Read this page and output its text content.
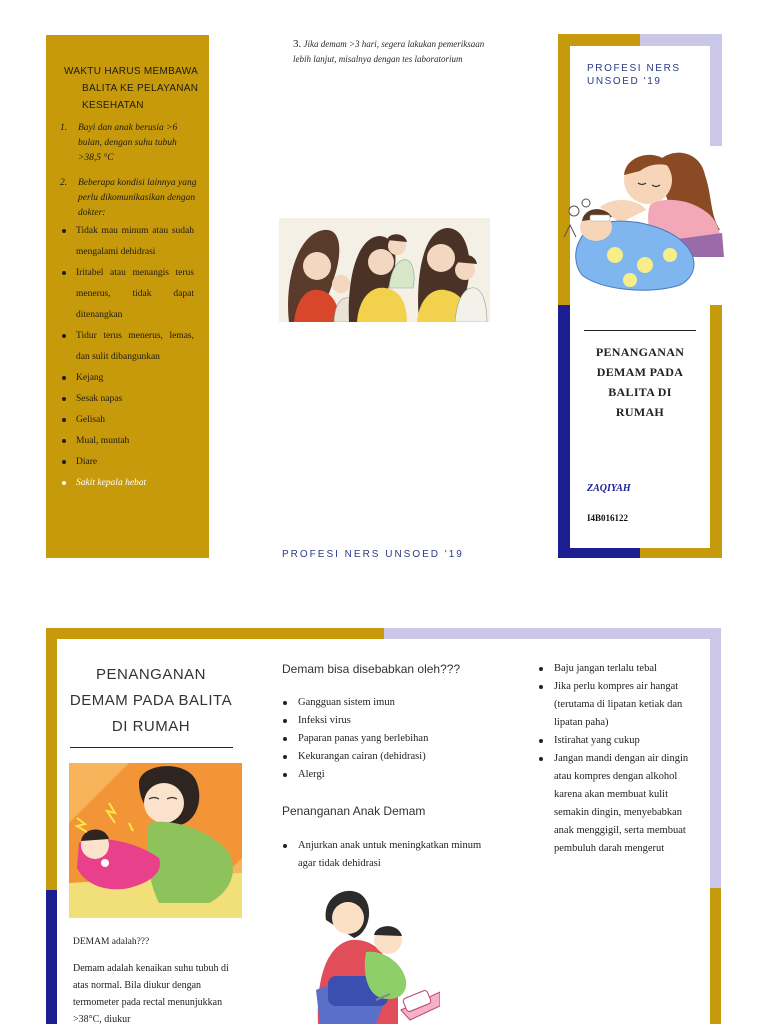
WAKTU HARUS MEMBAWA
BALITA KE PELAYANAN
KESEHATAN
1.	Bayi dan anak berusia >6 bulan, dengan suhu tubuh >38,5 °C
2.	Beberapa kondisi lainnya yang perlu dikomunikasikan dengan dokter:
Tidak mau minum atau sudah mengalami dehidrasi
Iritabel atau menangis terus menerus, tidak dapat ditenangkan
Tidur terus menerus, lemas, dan sulit dibangunkan
Kejang
Sesak napas
Gelisah
Mual, muntah
Diare
Sakit kepala hebat
3. Jika demam >3 hari, segera lakukan pemeriksaan lebih lanjut, misalnya dengan tes laboratorium
PROFESI NERS UNSOED '19
PROFESI NERS
UNSOED '19
PENANGANAN
DEMAM PADA
BALITA DI
RUMAH
ZAQIYAH
I4B016122
PENANGANAN
DEMAM PADA BALITA
DI RUMAH
DEMAM adalah???
Demam adalah kenaikan suhu tubuh di atas normal. Bila diukur dengan termometer pada rectal menunjukkan >38°C, diukur
Demam bisa disebabkan oleh???
Gangguan sistem imun
Infeksi virus
Paparan panas yang berlebihan
Kekurangan cairan (dehidrasi)
Alergi
Penanganan Anak Demam
Anjurkan anak untuk meningkatkan minum agar tidak dehidrasi
Baju jangan terlalu tebal
Jika perlu kompres air hangat (terutama di lipatan ketiak dan lipatan paha)
Istirahat yang cukup
Jangan mandi dengan air dingin atau kompres dengan alkohol karena akan membuat kulit semakin dingin, menyebabkan anak menggigil, serta membuat pembuluh darah mengerut
